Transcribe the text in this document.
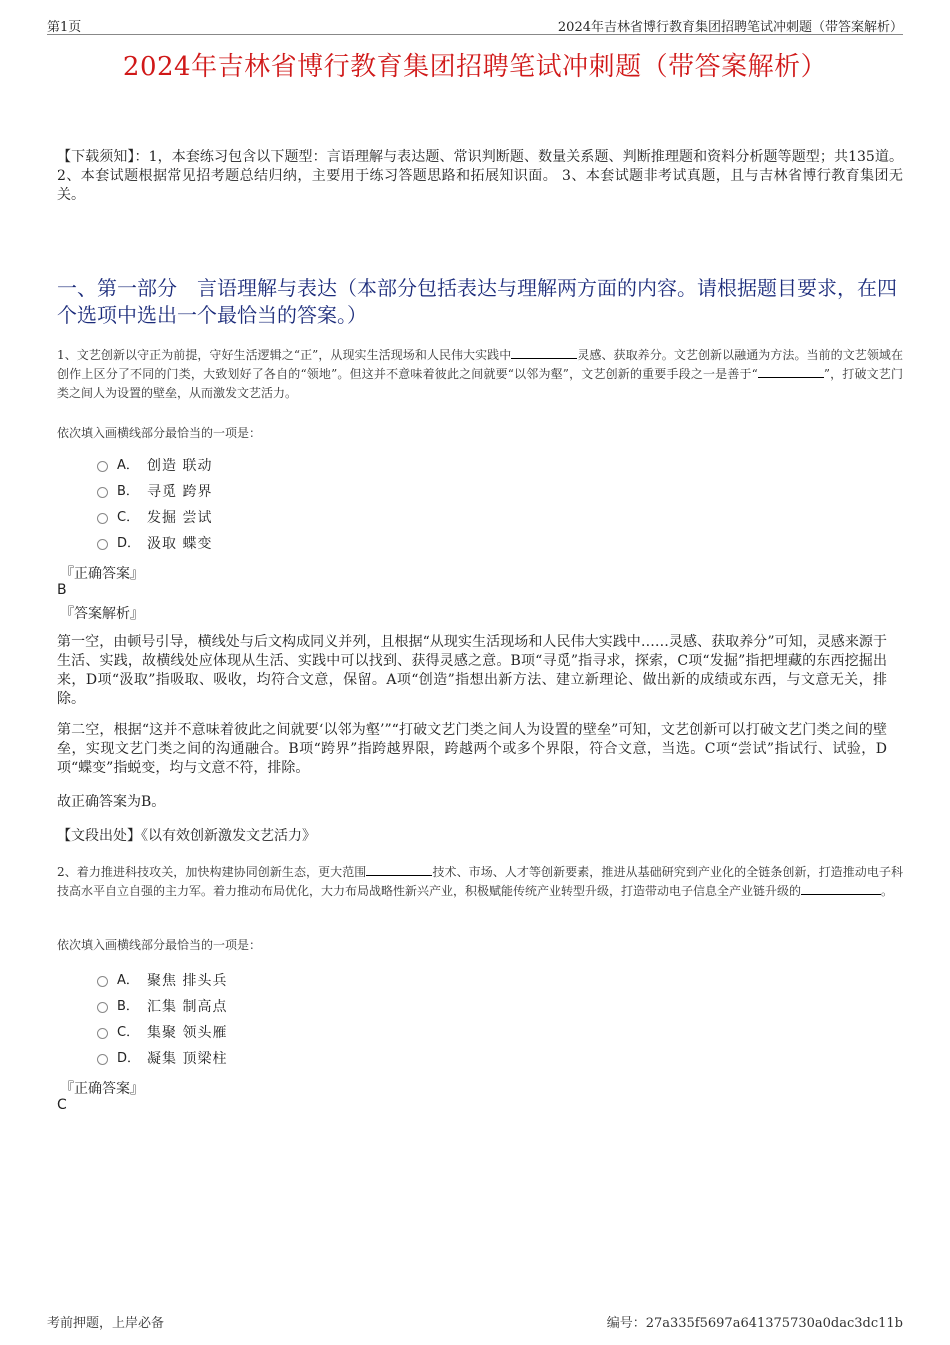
第1页	2024年吉林省博行教育集团招聘笔试冲刺题（带答案解析）
2024年吉林省博行教育集团招聘笔试冲刺题（带答案解析）

【下载须知】：1，本套练习包含以下题型：言语理解与表达题、常识判断题、数量关系题、判断推理题和资料分析题等题型；共135道。 2、本套试题根据常见招考题总结归纳，主要用于练习答题思路和拓展知识面。 3、本套试题非考试真题，且与吉林省博行教育集团无关。

一、第一部分　言语理解与表达（本部分包括表达与理解两方面的内容。请根据题目要求，在四个选项中选出一个最恰当的答案。）

1、文艺创新以守正为前提，守好生活逻辑之“正”，从现实生活现场和人民伟大实践中	灵感、获取养分。文艺创新以融通为方法。当前的文艺领域在创作上区分了不同的门类，大致划好了各自的“领地”。但这并不意味着彼此之间就要“以邻为壑”，文艺创新的重要手段之一是善于“	”，打破文艺门类之间人为设置的壁垒，从而激发文艺活力。

依次填入画横线部分最恰当的一项是：

A． 创造 联动
B． 寻觅 跨界
C． 发掘 尝试
D． 汲取 蝶变

『正确答案』

B

『答案解析』

第一空，由顿号引导，横线处与后文构成同义并列，且根据“从现实生活现场和人民伟大实践中……灵感、获取养分”可知，灵感来源于生活、实践，故横线处应体现从生活、实践中可以找到、获得灵感之意。B项“寻觅”指寻求，探索，C项“发掘”指把埋藏的东西挖掘出来，D项“汲取”指吸取、吸收，均符合文意，保留。A项“创造”指想出新方法、建立新理论、做出新的成绩或东西，与文意无关，排除。

第二空，根据“这并不意味着彼此之间就要‘以邻为壑’”“打破文艺门类之间人为设置的壁垒”可知，文艺创新可以打破文艺门类之间的壁垒，实现文艺门类之间的沟通融合。B项“跨界”指跨越界限，跨越两个或多个界限，符合文意，当选。C项“尝试”指试行、试验，D项“蝶变”指蜕变，均与文意不符，排除。

故正确答案为B。

【文段出处】《以有效创新激发文艺活力》

2、着力推进科技攻关，加快构建协同创新生态，更大范围	技术、市场、人才等创新要素，推进从基础研究到产业化的全链条创新，打造推动电子科技高水平自立自强的主力军。着力推动布局优化，大力布局战略性新兴产业，积极赋能传统产业转型升级，打造带动电子信息全产业链升级的	。

依次填入画横线部分最恰当的一项是：

A． 聚焦 排头兵
B． 汇集 制高点
C． 集聚 领头雁
D． 凝集 顶梁柱

『正确答案』

C

考前押题，上岸必备	编号：27a335f5697a641375730a0dac3dc11b
